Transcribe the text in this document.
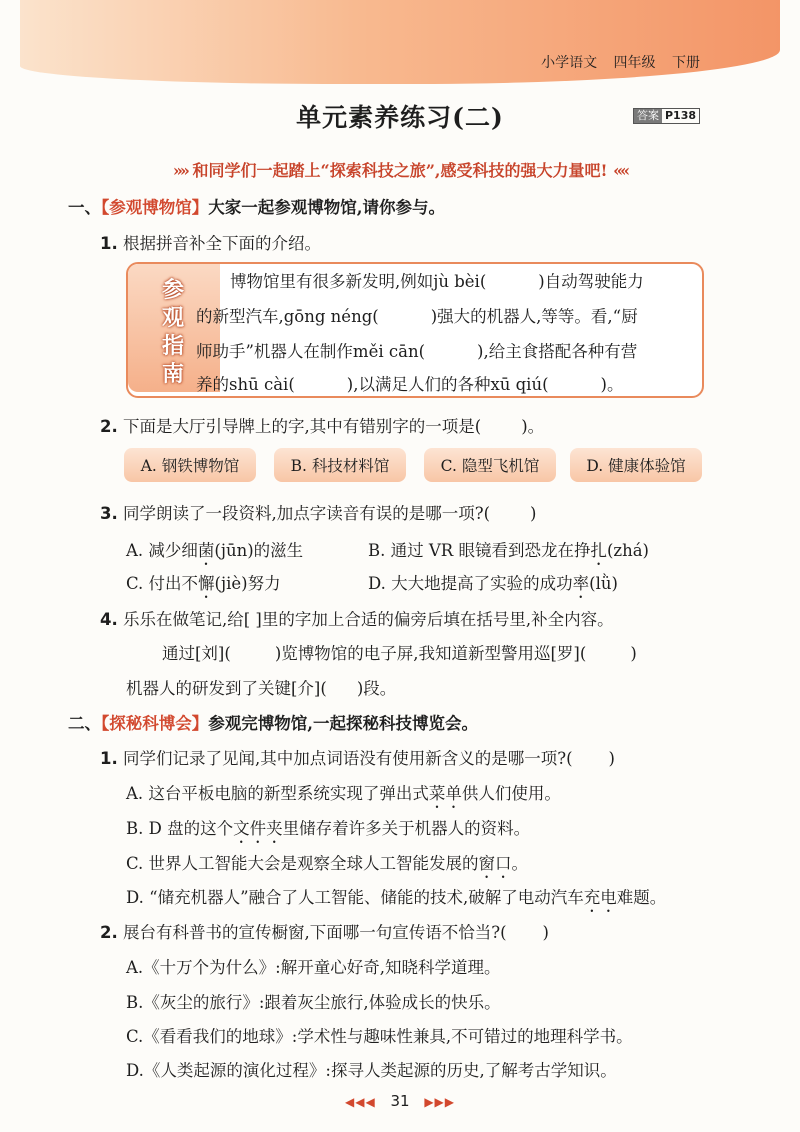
小学语文 四年级 下册
单元素养练习(二)	答案 P138
»» 和同学们一起踏上“探索科技之旅”,感受科技的强大力量吧! ««
一、【参观博物馆】大家一起参观博物馆,请你参与。
1. 根据拼音补全下面的介绍。
参
观
指
南
博物馆里有很多新发明,例如jù bèi(	)自动驾驶能力
的新型汽车,gōng néng(	)强大的机器人,等等。看,“厨
师助手”机器人在制作měi cān(	),给主食搭配各种有营
养的shū cài(	),以满足人们的各种xū qiú(	)。
2. 下面是大厅引导牌上的字,其中有错别字的一项是( )。
A. 钢铁博物馆	B. 科技材料馆	C. 隐型飞机馆	D. 健康体验馆
3. 同学朗读了一段资料,加点字读音有误的是哪一项?( )
A. 减少细菌(jūn)的滋生	B. 通过 VR 眼镜看到恐龙在挣扎(zhá)
C. 付出不懈(jiè)努力	D. 大大地提高了实验的成功率(lǜ)
4. 乐乐在做笔记,给[ ]里的字加上合适的偏旁后填在括号里,补全内容。
通过[刘](	)览博物馆的电子屏,我知道新型警用巡[罗](	)
机器人的研发到了关键[介]( )段。
二、【探秘科博会】参观完博物馆,一起探秘科技博览会。
1. 同学们记录了见闻,其中加点词语没有使用新含义的是哪一项?( )
A. 这台平板电脑的新型系统实现了弹出式菜单供人们使用。
B. D 盘的这个文件夹里储存着许多关于机器人的资料。
C. 世界人工智能大会是观察全球人工智能发展的窗口。
D. “储充机器人”融合了人工智能、储能的技术,破解了电动汽车充电难题。
2. 展台有科普书的宣传橱窗,下面哪一句宣传语不恰当?( )
A.《十万个为什么》:解开童心好奇,知晓科学道理。
B.《灰尘的旅行》:跟着灰尘旅行,体验成长的快乐。
C.《看看我们的地球》:学术性与趣味性兼具,不可错过的地理科学书。
D.《人类起源的演化过程》:探寻人类起源的历史,了解考古学知识。
◀◀◀ 31 ▶▶▶
